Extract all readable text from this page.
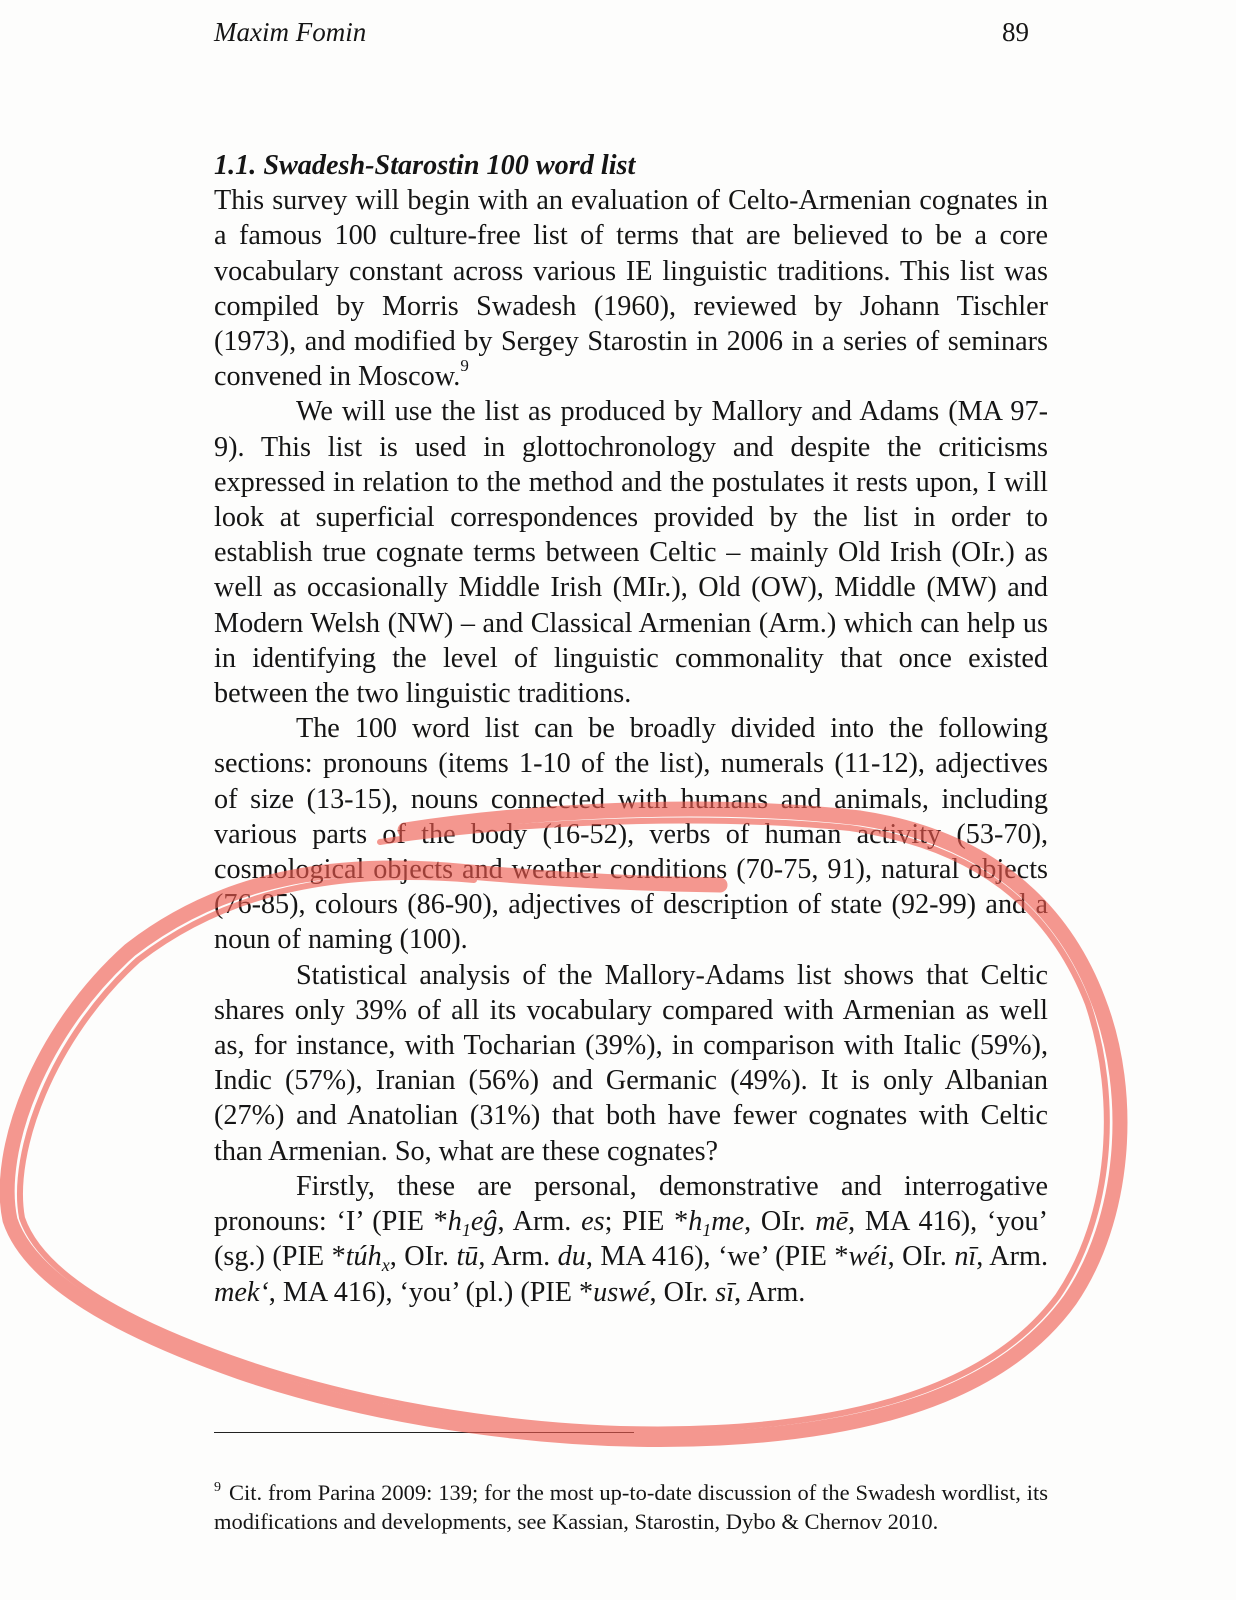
Maxim Fomin	89

1.1. Swadesh-Starostin 100 word list

This survey will begin with an evaluation of Celto-Armenian cognates in a famous 100 culture-free list of terms that are believed to be a core vocabulary constant across various IE linguistic traditions. This list was compiled by Morris Swadesh (1960), reviewed by Johann Tischler (1973), and modified by Sergey Starostin in 2006 in a series of seminars convened in Moscow.$^9$

We will use the list as produced by Mallory and Adams (MA 97-9). This list is used in glottochronology and despite the criticisms expressed in relation to the method and the postulates it rests upon, I will look at superficial correspondences provided by the list in order to establish true cognate terms between Celtic – mainly Old Irish (OIr.) as well as occasionally Middle Irish (MIr.), Old (OW), Middle (MW) and Modern Welsh (NW) – and Classical Armenian (Arm.) which can help us in identifying the level of linguistic commonality that once existed between the two linguistic traditions.

The 100 word list can be broadly divided into the following sections: pronouns (items 1-10 of the list), numerals (11-12), adjectives of size (13-15), nouns connected with humans and animals, including various parts of the body (16-52), verbs of human activity (53-70), cosmological objects and weather conditions (70-75, 91), natural objects (76-85), colours (86-90), adjectives of description of state (92-99) and a noun of naming (100).

Statistical analysis of the Mallory-Adams list shows that Celtic shares only 39% of all its vocabulary compared with Armenian as well as, for instance, with Tocharian (39%), in comparison with Italic (59%), Indic (57%), Iranian (56%) and Germanic (49%). It is only Albanian (27%) and Anatolian (31%) that both have fewer cognates with Celtic than Armenian. So, what are these cognates?

Firstly, these are personal, demonstrative and interrogative pronouns: ‘I’ (PIE $*h_1eĝ$, Arm. es; PIE $*h_1me$, OIr. mē, MA 416), ‘you’ (sg.) (PIE *túh$_x$, OIr. tū, Arm. du, MA 416), ‘we’ (PIE *wéi, OIr. nī, Arm. mek‘, MA 416), ‘you’ (pl.) (PIE *uswé, OIr. sī, Arm.

$^9$ Cit. from Parina 2009: 139; for the most up-to-date discussion of the Swadesh wordlist, its modifications and developments, see Kassian, Starostin, Dybo & Chernov 2010.
